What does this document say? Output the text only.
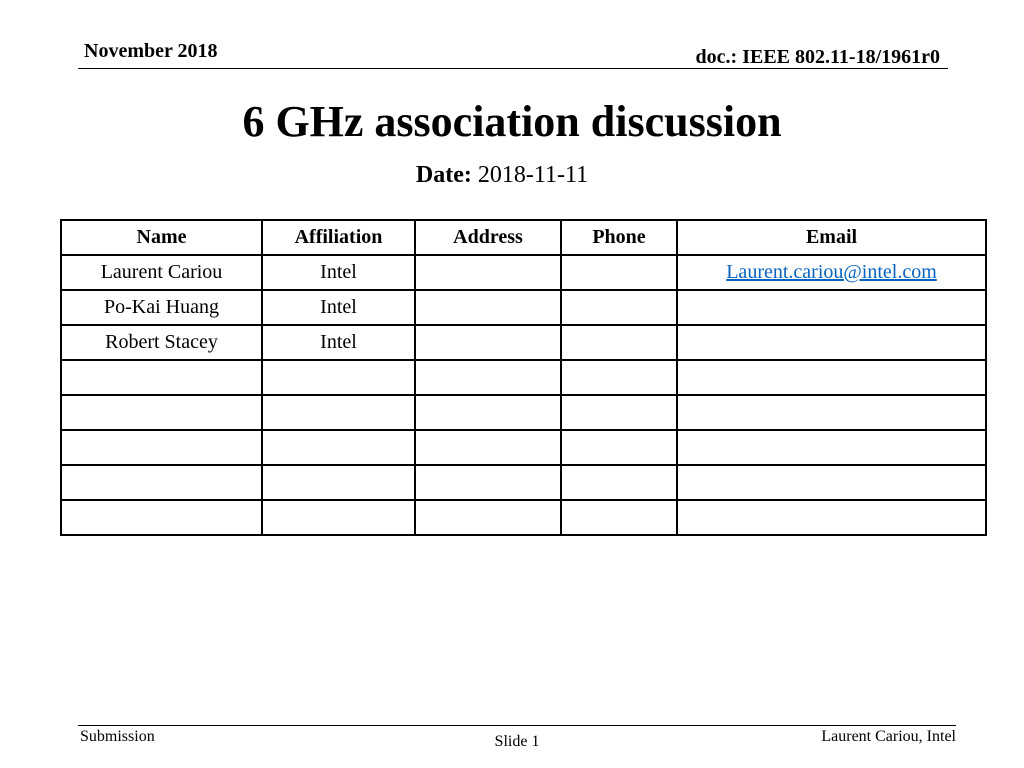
November 2018	doc.: IEEE 802.11-18/1961r0
6 GHz association discussion
Date: 2018-11-11
Name	Affiliation	Address	Phone	Email
Laurent Cariou	Intel			Laurent.cariou@intel.com
Po-Kai Huang	Intel			
Robert Stacey	Intel			

Submission	Slide 1	Laurent Cariou, Intel
